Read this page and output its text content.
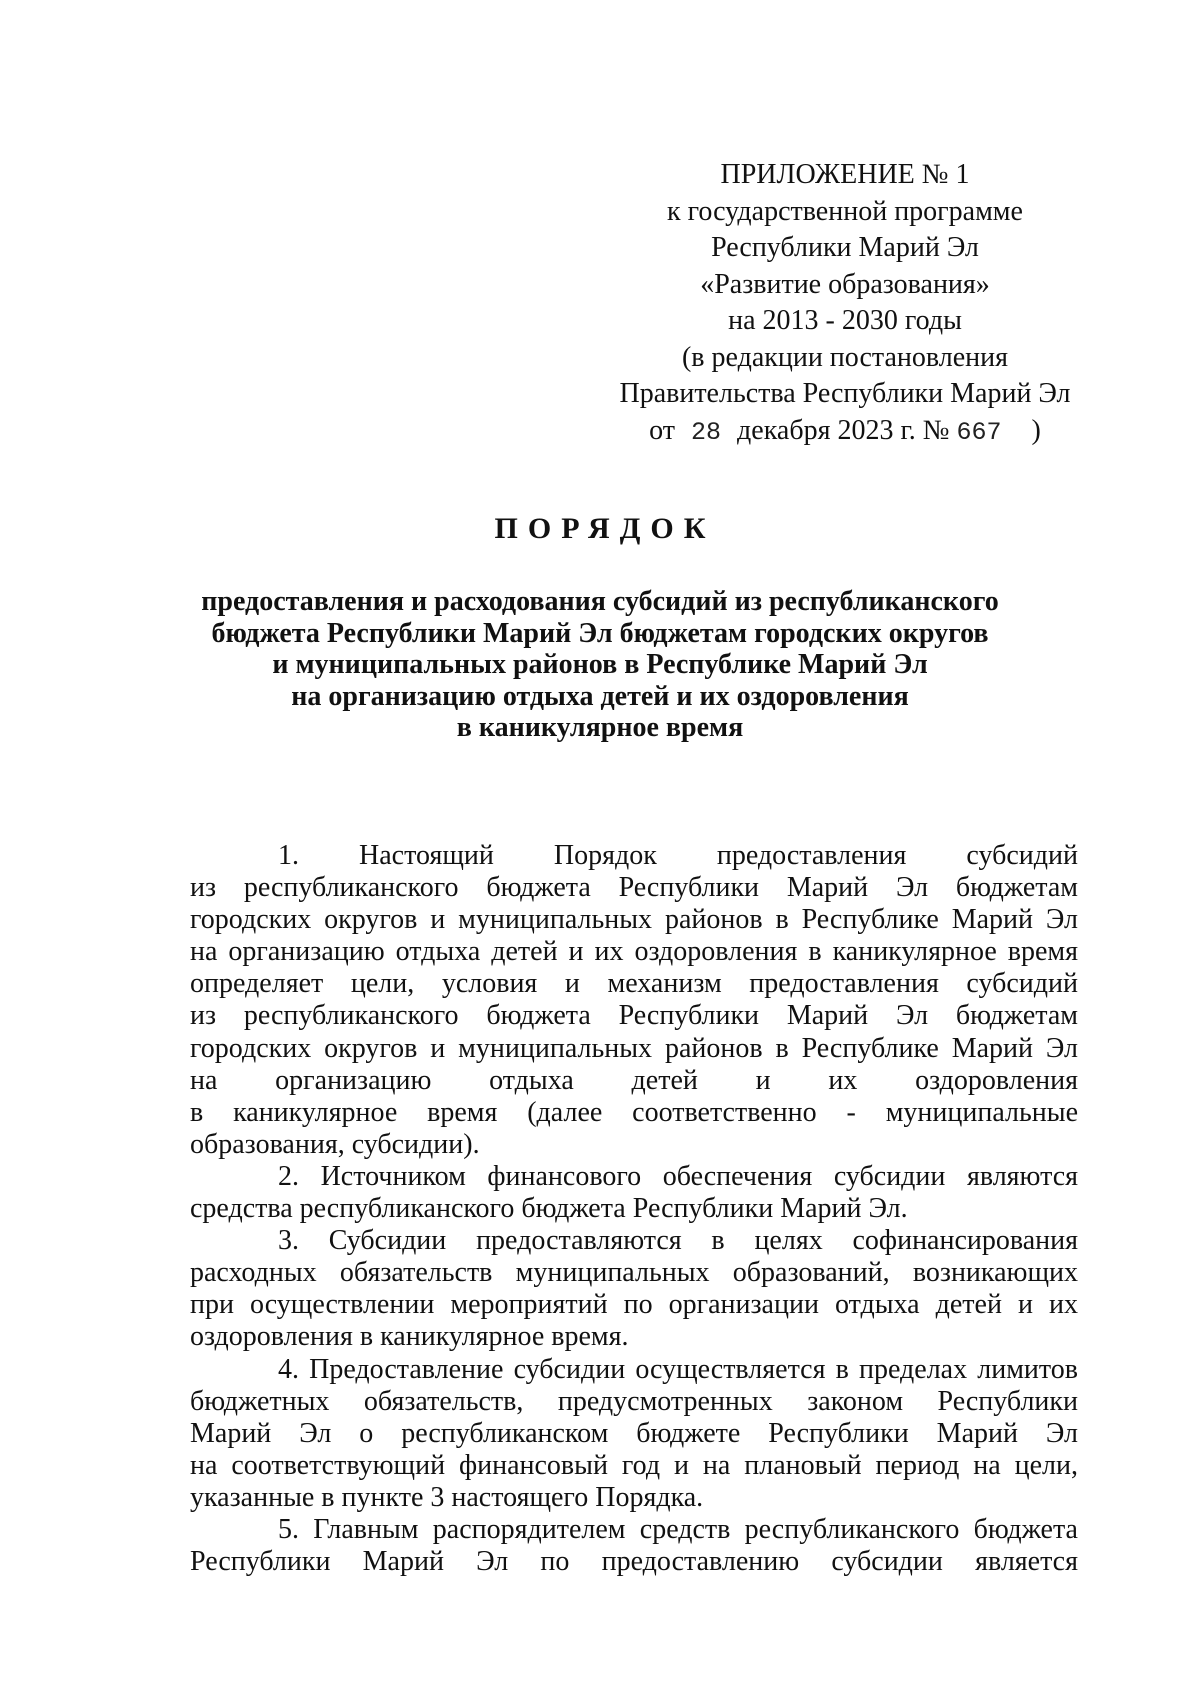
ПРИЛОЖЕНИЕ № 1
к государственной программе
Республики Марий Эл
«Развитие образования»
на 2013 - 2030 годы
(в редакции постановления
Правительства Республики Марий Эл
от 28 декабря 2023 г. № 667 )
ПОРЯДОК
предоставления и расходования субсидий из республиканского
бюджета Республики Марий Эл бюджетам городских округов
и муниципальных районов в Республике Марий Эл
на организацию отдыха детей и их оздоровления
в каникулярное время
1. Настоящий Порядок предоставления субсидий
из республиканского бюджета Республики Марий Эл бюджетам
городских округов и муниципальных районов в Республике Марий Эл
на организацию отдыха детей и их оздоровления в каникулярное время
определяет цели, условия и механизм предоставления субсидий
из республиканского бюджета Республики Марий Эл бюджетам
городских округов и муниципальных районов в Республике Марий Эл
на организацию отдыха детей и их оздоровления
в каникулярное время (далее соответственно - муниципальные
образования, субсидии).
2. Источником финансового обеспечения субсидии являются
средства республиканского бюджета Республики Марий Эл.
3. Субсидии предоставляются в целях софинансирования
расходных обязательств муниципальных образований, возникающих
при осуществлении мероприятий по организации отдыха детей и их
оздоровления в каникулярное время.
4. Предоставление субсидии осуществляется в пределах лимитов
бюджетных обязательств, предусмотренных законом Республики
Марий Эл о республиканском бюджете Республики Марий Эл
на соответствующий финансовый год и на плановый период на цели,
указанные в пункте 3 настоящего Порядка.
5. Главным распорядителем средств республиканского бюджета
Республики Марий Эл по предоставлению субсидии является
